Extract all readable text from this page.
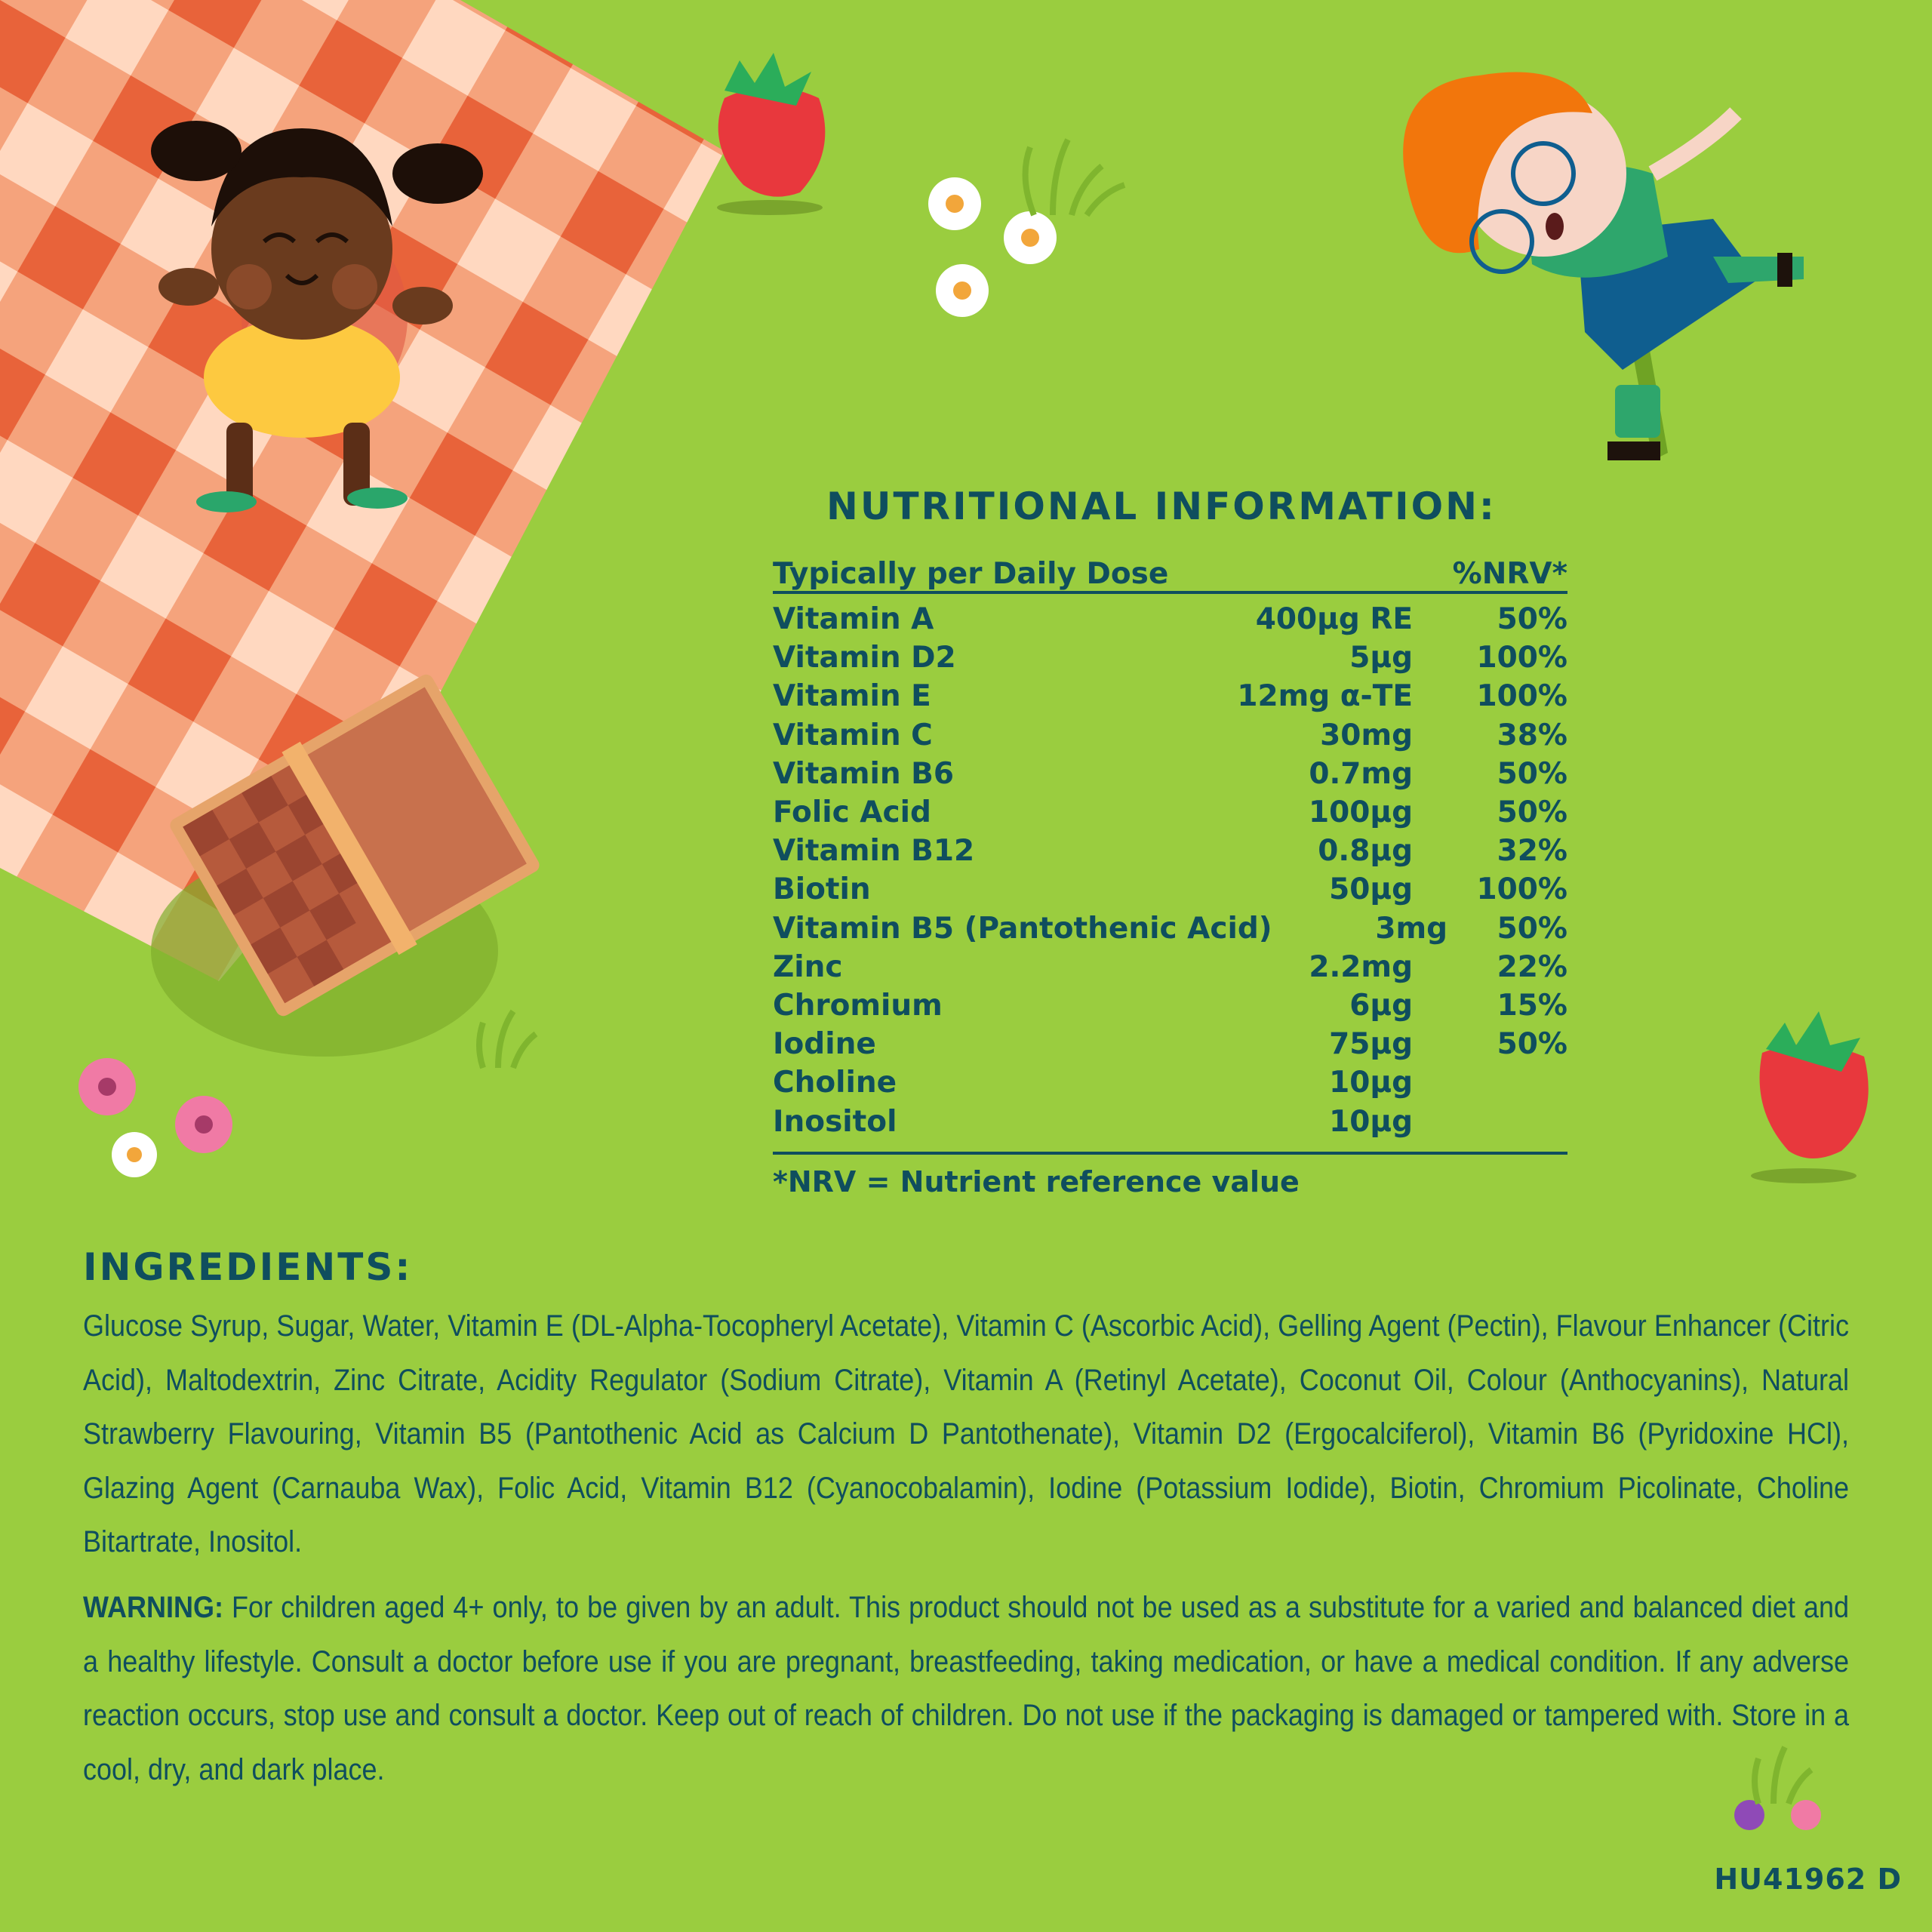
NUTRITIONAL INFORMATION:
Typically per Daily Dose	%NRV*
Vitamin A	400µg RE	50%
Vitamin D2	5µg	100%
Vitamin E	12mg α-TE	100%
Vitamin C	30mg	38%
Vitamin B6	0.7mg	50%
Folic Acid	100µg	50%
Vitamin B12	0.8µg	32%
Biotin	50µg	100%
Vitamin B5 (Pantothenic Acid)	3mg	50%
Zinc	2.2mg	22%
Chromium	6µg	15%
Iodine	75µg	50%
Choline	10µg
Inositol	10µg
*NRV = Nutrient reference value
INGREDIENTS:

Glucose Syrup, Sugar, Water, Vitamin E (DL-Alpha-Tocopheryl Acetate), Vitamin C (Ascorbic Acid), Gelling Agent (Pectin), Flavour Enhancer (Citric Acid), Maltodextrin, Zinc Citrate, Acidity Regulator (Sodium Citrate), Vitamin A (Retinyl Acetate), Coconut Oil, Colour (Anthocyanins), Natural Strawberry Flavouring, Vitamin B5 (Pantothenic Acid as Calcium D Pantothenate), Vitamin D2 (Ergocalciferol), Vitamin B6 (Pyridoxine HCl), Glazing Agent (Carnauba Wax), Folic Acid, Vitamin B12 (Cyanocobalamin), Iodine (Potassium Iodide), Biotin, Chromium Picolinate, Choline Bitartrate, Inositol.

WARNING: For children aged 4+ only, to be given by an adult. This product should not be used as a substitute for a varied and balanced diet and a healthy lifestyle. Consult a doctor before use if you are pregnant, breastfeeding, taking medication, or have a medical condition. If any adverse reaction occurs, stop use and consult a doctor. Keep out of reach of children. Do not use if the packaging is damaged or tampered with. Store in a cool, dry, and dark place.

HU41962 D
